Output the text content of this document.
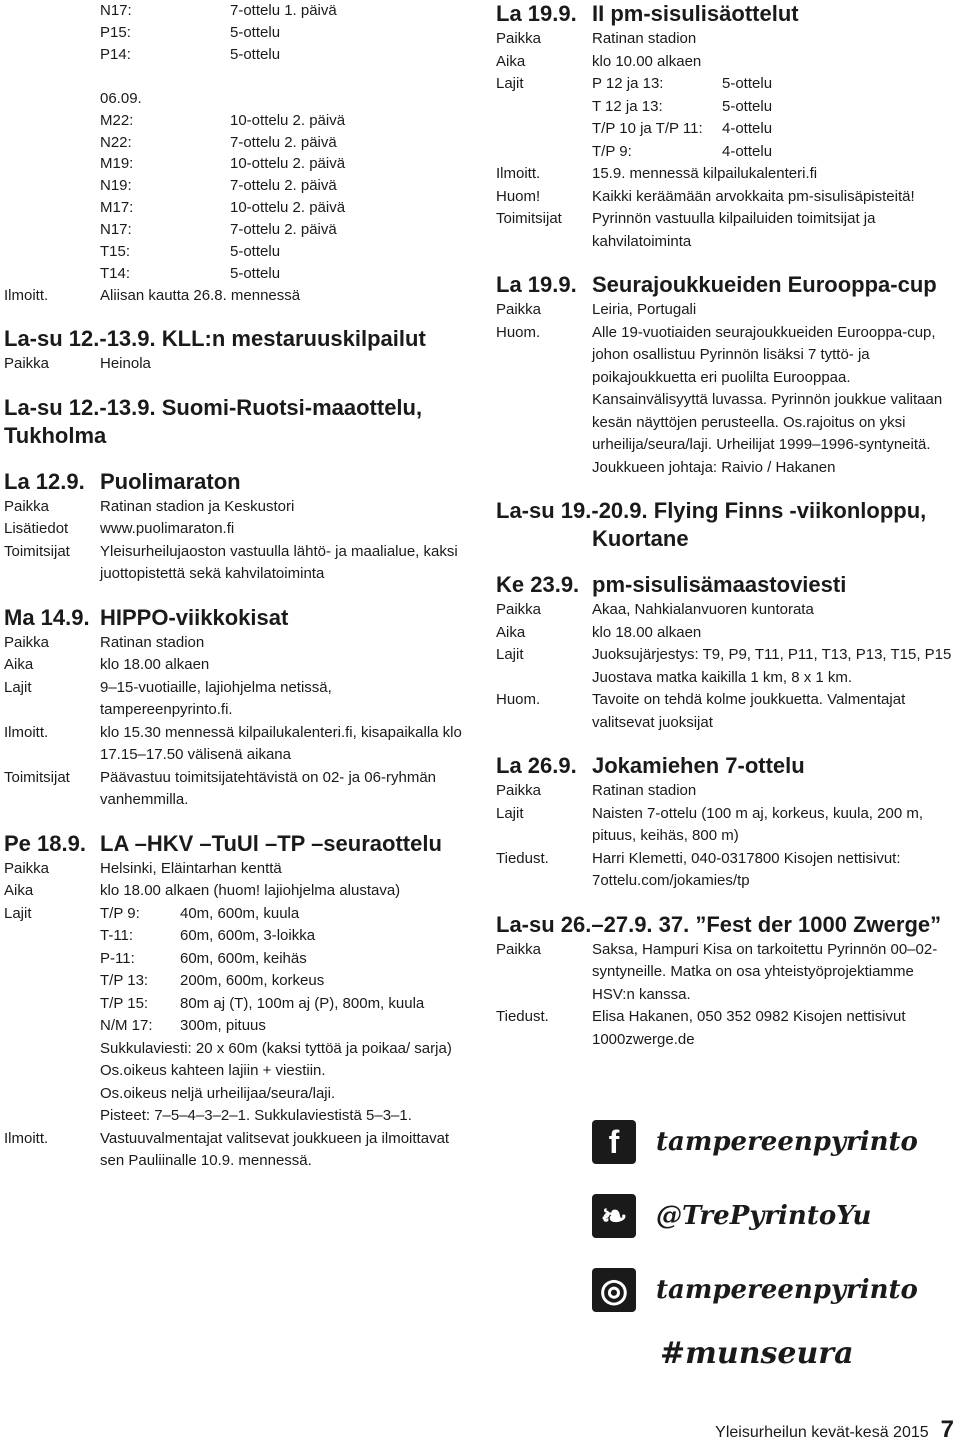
N17:	7-ottelu 1. päivä
P15:	5-ottelu
P14:	5-ottelu
06.09.
M22:	10-ottelu 2. päivä
N22:	7-ottelu 2. päivä
M19:	10-ottelu 2. päivä
N19:	7-ottelu 2. päivä
M17:	10-ottelu 2. päivä
N17:	7-ottelu 2. päivä
T15:	5-ottelu
T14:	5-ottelu
Ilmoitt.	Aliisan kautta 26.8. mennessä
La-su 12.-13.9. KLL:n mestaruuskilpailut
Paikka	Heinola
La-su 12.-13.9. Suomi-Ruotsi-maaottelu,
Tukholma
La 12.9. Puolimaraton
Paikka	Ratinan stadion ja Keskustori
Lisätiedot	www.puolimaraton.fi
Toimitsijat	Yleisurheilujaoston vastuulla lähtö- ja maalialue, kaksi juottopistettä sekä kahvilatoiminta
Ma 14.9. HIPPO-viikkokisat
Paikka	Ratinan stadion
Aika	klo 18.00 alkaen
Lajit	9–15-vuotiaille, lajiohjelma netissä, tampereenpyrinto.fi.
Ilmoitt.	klo 15.30 mennessä kilpailukalenteri.fi, kisapaikalla klo 17.15–17.50 välisenä aikana
Toimitsijat	Päävastuu toimitsijatehtävistä on 02- ja 06-ryhmän vanhemmilla.
Pe 18.9. LA –HKV –TuUl –TP –seuraottelu
Paikka	Helsinki, Eläintarhan kenttä
Aika	klo 18.00 alkaen (huom! lajiohjelma alustava)
Lajit	T/P 9:	40m, 600m, kuula
T-11:	60m, 600m, 3-loikka
P-11:	60m, 600m, keihäs
T/P 13:	200m, 600m, korkeus
T/P 15:	80m aj (T), 100m aj (P), 800m, kuula
N/M 17:	300m, pituus
Sukkulaviesti: 20 x 60m (kaksi tyttöä ja poikaa/ sarja)
Os.oikeus kahteen lajiin + viestiin.
Os.oikeus neljä urheilijaa/seura/laji.
Pisteet: 7–5–4–3–2–1. Sukkulaviestistä 5–3–1.
Ilmoitt.	Vastuuvalmentajat valitsevat joukkueen ja ilmoittavat sen Pauliinalle 10.9. mennessä.
La 19.9. II pm-sisulisäottelut
Paikka	Ratinan stadion
Aika	klo 10.00 alkaen
Lajit	P 12 ja 13:	5-ottelu
T 12 ja 13:	5-ottelu
T/P 10 ja T/P 11:	4-ottelu
T/P 9:	4-ottelu
Ilmoitt.	15.9. mennessä kilpailukalenteri.fi
Huom!	Kaikki keräämään arvokkaita pm-sisulisäpisteitä!
Toimitsijat	Pyrinnön vastuulla kilpailuiden toimitsijat ja kahvilatoiminta
La 19.9. Seurajoukkueiden Eurooppa-cup
Paikka	Leiria, Portugali
Huom.	Alle 19-vuotiaiden seurajoukkueiden Eurooppa-cup, johon osallistuu Pyrinnön lisäksi 7 tyttö- ja poikajoukkuetta eri puolilta Eurooppaa. Kansainvälisyyttä luvassa. Pyrinnön joukkue valitaan kesän näyttöjen perusteella. Os.rajoitus on yksi urheilija/seura/laji. Urheilijat 1999–1996-syntyneitä. Joukkueen johtaja: Raivio / Hakanen
La-su 19.-20.9. Flying Finns -viikonloppu,
Kuortane
Ke 23.9. pm-sisulisämaastoviesti
Paikka	Akaa, Nahkialanvuoren kuntorata
Aika	klo 18.00 alkaen
Lajit	Juoksujärjestys: T9, P9, T11, P11, T13, P13, T15, P15 Juostava matka kaikilla 1 km, 8 x 1 km.
Huom.	Tavoite on tehdä kolme joukkuetta. Valmentajat valitsevat juoksijat
La 26.9. Jokamiehen 7-ottelu
Paikka	Ratinan stadion
Lajit	Naisten 7-ottelu (100 m aj, korkeus, kuula, 200 m, pituus, keihäs, 800 m)
Tiedust.	Harri Klemetti, 040-0317800 Kisojen nettisivut: 7ottelu.com/jokamies/tp
La-su 26.–27.9. 37. ”Fest der 1000 Zwerge”
Paikka	Saksa, Hampuri Kisa on tarkoitettu Pyrinnön 00–02-syntyneille. Matka on osa yhteistyöprojektiamme HSV:n kanssa.
Tiedust.	Elisa Hakanen, 050 352 0982 Kisojen nettisivut 1000zwerge.de
f	tampereenpyrinto
❧	@TrePyrintoYu
◎	tampereenpyrinto
#munseura
Yleisurheilun kevät-kesä 2015 7
